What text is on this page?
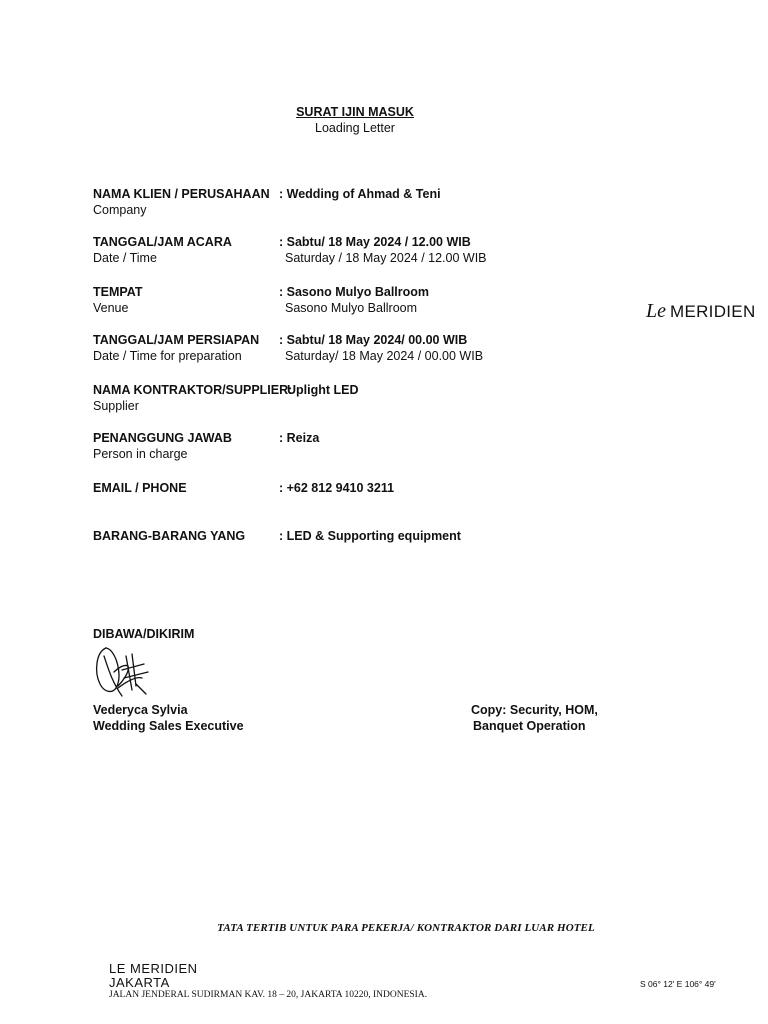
SURAT IJIN MASUK
Loading Letter
NAMA KLIEN / PERUSAHAAN
Company
: Wedding of Ahmad & Teni
TANGGAL/JAM ACARA
Date / Time
: Sabtu/ 18 May 2024 / 12.00 WIB
Saturday / 18 May 2024 / 12.00 WIB
TEMPAT
Venue
: Sasono Mulyo Ballroom
Sasono Mulyo Ballroom
TANGGAL/JAM PERSIAPAN
Date / Time for preparation
: Sabtu/ 18 May 2024/ 00.00 WIB
Saturday/ 18 May 2024 / 00.00 WIB
NAMA KONTRAKTOR/SUPPLIER:
Supplier
Uplight LED
PENANGGUNG JAWAB
Person in charge
: Reiza
EMAIL / PHONE	: +62 812 9410 3211
BARANG-BARANG YANG	: LED & Supporting equipment
DIBAWA/DIKIRIM
Vederyca Sylvia
Wedding Sales Executive
Copy: Security, HOM,
Banquet Operation
Le MERIDIEN
TATA TERTIB UNTUK PARA PEKERJA/ KONTRAKTOR DARI LUAR HOTEL
LE MERIDIEN
JAKARTA
JALAN JENDERAL SUDIRMAN KAV. 18 – 20, JAKARTA 10220, INDONESIA.
S 06° 12' E 106° 49'
